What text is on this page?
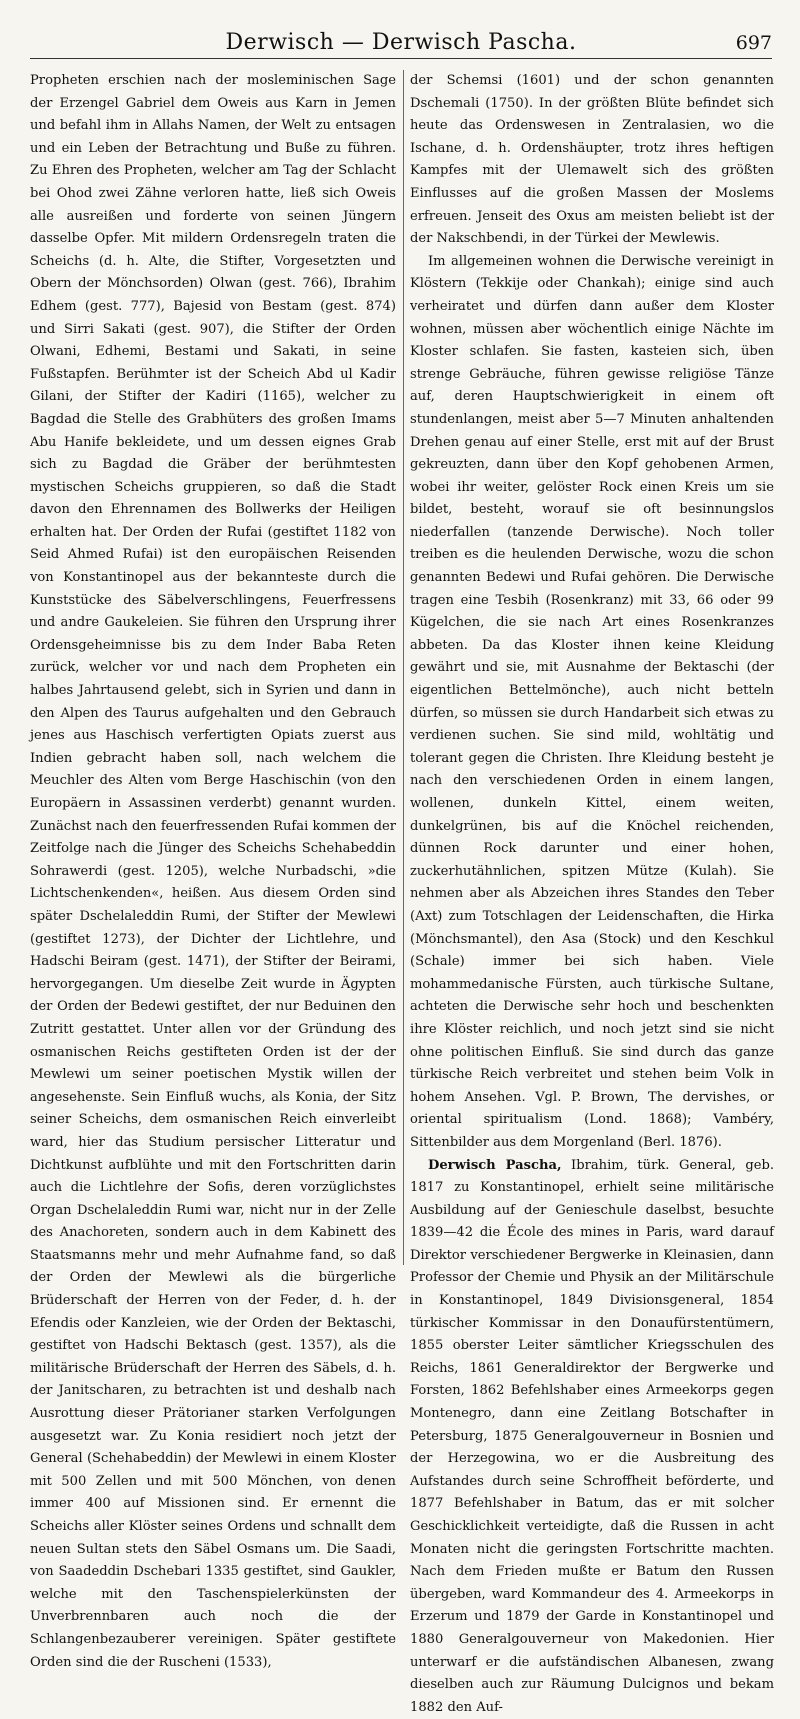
Derwisch — Derwisch Pascha.	697

Propheten erschien nach der mosleminischen Sage der Erzengel Gabriel dem Oweis aus Karn in Jemen und befahl ihm in Allahs Namen, der Welt zu entsagen und ein Leben der Betrachtung und Buße zu führen. Zu Ehren des Propheten, welcher am Tag der Schlacht bei Ohod zwei Zähne verloren hatte, ließ sich Oweis alle ausreißen und forderte von seinen Jüngern dasselbe Opfer. Mit mildern Ordensregeln traten die Scheichs (d. h. Alte, die Stifter, Vorgesetzten und Obern der Mönchsorden) Olwan (gest. 766), Ibrahim Edhem (gest. 777), Bajesid von Bestam (gest. 874) und Sirri Sakati (gest. 907), die Stifter der Orden Olwani, Edhemi, Bestami und Sakati, in seine Fußstapfen. Berühmter ist der Scheich Abd ul Kadir Gilani, der Stifter der Kadiri (1165), welcher zu Bagdad die Stelle des Grabhüters des großen Imams Abu Hanife bekleidete, und um dessen eignes Grab sich zu Bagdad die Gräber der berühmtesten mystischen Scheichs gruppieren, so daß die Stadt davon den Ehrennamen des Bollwerks der Heiligen erhalten hat. Der Orden der Rufai (gestiftet 1182 von Seid Ahmed Rufai) ist den europäischen Reisenden von Konstantinopel aus der bekannteste durch die Kunststücke des Säbelverschlingens, Feuerfressens und andre Gaukeleien. Sie führen den Ursprung ihrer Ordensgeheimnisse bis zu dem Inder Baba Reten zurück, welcher vor und nach dem Propheten ein halbes Jahrtausend gelebt, sich in Syrien und dann in den Alpen des Taurus aufgehalten und den Gebrauch jenes aus Haschisch verfertigten Opiats zuerst aus Indien gebracht haben soll, nach welchem die Meuchler des Alten vom Berge Haschischin (von den Europäern in Assassinen verderbt) genannt wurden. Zunächst nach den feuerfressenden Rufai kommen der Zeitfolge nach die Jünger des Scheichs Schehabeddin Sohrawerdi (gest. 1205), welche Nurbadschi, »die Lichtschenkenden«, heißen. Aus diesem Orden sind später Dschelaleddin Rumi, der Stifter der Mewlewi (gestiftet 1273), der Dichter der Lichtlehre, und Hadschi Beiram (gest. 1471), der Stifter der Beirami, hervorgegangen. Um dieselbe Zeit wurde in Ägypten der Orden der Bedewi gestiftet, der nur Beduinen den Zutritt gestattet. Unter allen vor der Gründung des osmanischen Reichs gestifteten Orden ist der der Mewlewi um seiner poetischen Mystik willen der angesehenste. Sein Einfluß wuchs, als Konia, der Sitz seiner Scheichs, dem osmanischen Reich einverleibt ward, hier das Studium persischer Litteratur und Dichtkunst aufblühte und mit den Fortschritten darin auch die Lichtlehre der Sofis, deren vorzüglichstes Organ Dschelaleddin Rumi war, nicht nur in der Zelle des Anachoreten, sondern auch in dem Kabinett des Staatsmanns mehr und mehr Aufnahme fand, so daß der Orden der Mewlewi als die bürgerliche Brüderschaft der Herren von der Feder, d. h. der Efendis oder Kanzleien, wie der Orden der Bektaschi, gestiftet von Hadschi Bektasch (gest. 1357), als die militärische Brüderschaft der Herren des Säbels, d. h. der Janitscharen, zu betrachten ist und deshalb nach Ausrottung dieser Prätorianer starken Verfolgungen ausgesetzt war. Zu Konia residiert noch jetzt der General (Schehabeddin) der Mewlewi in einem Kloster mit 500 Zellen und mit 500 Mönchen, von denen immer 400 auf Missionen sind. Er ernennt die Scheichs aller Klöster seines Ordens und schnallt dem neuen Sultan stets den Säbel Osmans um. Die Saadi, von Saadeddin Dschebari 1335 gestiftet, sind Gaukler, welche mit den Taschenspielerkünsten der Unverbrennbaren auch noch die der Schlangenbezauberer vereinigen. Später gestiftete Orden sind die der Ruscheni (1533),

der Schemsi (1601) und der schon genannten Dschemali (1750). In der größten Blüte befindet sich heute das Ordenswesen in Zentralasien, wo die Ischane, d. h. Ordenshäupter, trotz ihres heftigen Kampfes mit der Ulemawelt sich des größten Einflusses auf die großen Massen der Moslems erfreuen. Jenseit des Oxus am meisten beliebt ist der der Nakschbendi, in der Türkei der Mewlewis.

Im allgemeinen wohnen die Derwische vereinigt in Klöstern (Tekkije oder Chankah); einige sind auch verheiratet und dürfen dann außer dem Kloster wohnen, müssen aber wöchentlich einige Nächte im Kloster schlafen. Sie fasten, kasteien sich, üben strenge Gebräuche, führen gewisse religiöse Tänze auf, deren Hauptschwierigkeit in einem oft stundenlangen, meist aber 5—7 Minuten anhaltenden Drehen genau auf einer Stelle, erst mit auf der Brust gekreuzten, dann über den Kopf gehobenen Armen, wobei ihr weiter, gelöster Rock einen Kreis um sie bildet, besteht, worauf sie oft besinnungslos niederfallen (tanzende Derwische). Noch toller treiben es die heulenden Derwische, wozu die schon genannten Bedewi und Rufai gehören. Die Derwische tragen eine Tesbih (Rosenkranz) mit 33, 66 oder 99 Kügelchen, die sie nach Art eines Rosenkranzes abbeten. Da das Kloster ihnen keine Kleidung gewährt und sie, mit Ausnahme der Bektaschi (der eigentlichen Bettelmönche), auch nicht betteln dürfen, so müssen sie durch Handarbeit sich etwas zu verdienen suchen. Sie sind mild, wohltätig und tolerant gegen die Christen. Ihre Kleidung besteht je nach den verschiedenen Orden in einem langen, wollenen, dunkeln Kittel, einem weiten, dunkelgrünen, bis auf die Knöchel reichenden, dünnen Rock darunter und einer hohen, zuckerhutähnlichen, spitzen Mütze (Kulah). Sie nehmen aber als Abzeichen ihres Standes den Teber (Axt) zum Totschlagen der Leidenschaften, die Hirka (Mönchsmantel), den Asa (Stock) und den Keschkul (Schale) immer bei sich haben. Viele mohammedanische Fürsten, auch türkische Sultane, achteten die Derwische sehr hoch und beschenkten ihre Klöster reichlich, und noch jetzt sind sie nicht ohne politischen Einfluß. Sie sind durch das ganze türkische Reich verbreitet und stehen beim Volk in hohem Ansehen. Vgl. P. Brown, The dervishes, or oriental spiritualism (Lond. 1868); Vambéry, Sittenbilder aus dem Morgenland (Berl. 1876).

Derwisch Pascha, Ibrahim, türk. General, geb. 1817 zu Konstantinopel, erhielt seine militärische Ausbildung auf der Genieschule daselbst, besuchte 1839—42 die École des mines in Paris, ward darauf Direktor verschiedener Bergwerke in Kleinasien, dann Professor der Chemie und Physik an der Militärschule in Konstantinopel, 1849 Divisionsgeneral, 1854 türkischer Kommissar in den Donaufürstentümern, 1855 oberster Leiter sämtlicher Kriegsschulen des Reichs, 1861 Generaldirektor der Bergwerke und Forsten, 1862 Befehlshaber eines Armeekorps gegen Montenegro, dann eine Zeitlang Botschafter in Petersburg, 1875 Generalgouverneur in Bosnien und der Herzegowina, wo er die Ausbreitung des Aufstandes durch seine Schroffheit beförderte, und 1877 Befehlshaber in Batum, das er mit solcher Geschicklichkeit verteidigte, daß die Russen in acht Monaten nicht die geringsten Fortschritte machten. Nach dem Frieden mußte er Batum den Russen übergeben, ward Kommandeur des 4. Armeekorps in Erzerum und 1879 der Garde in Konstantinopel und 1880 Generalgouverneur von Makedonien. Hier unterwarf er die aufständischen Albanesen, zwang dieselben auch zur Räumung Dulcignos und bekam 1882 den Auf-
